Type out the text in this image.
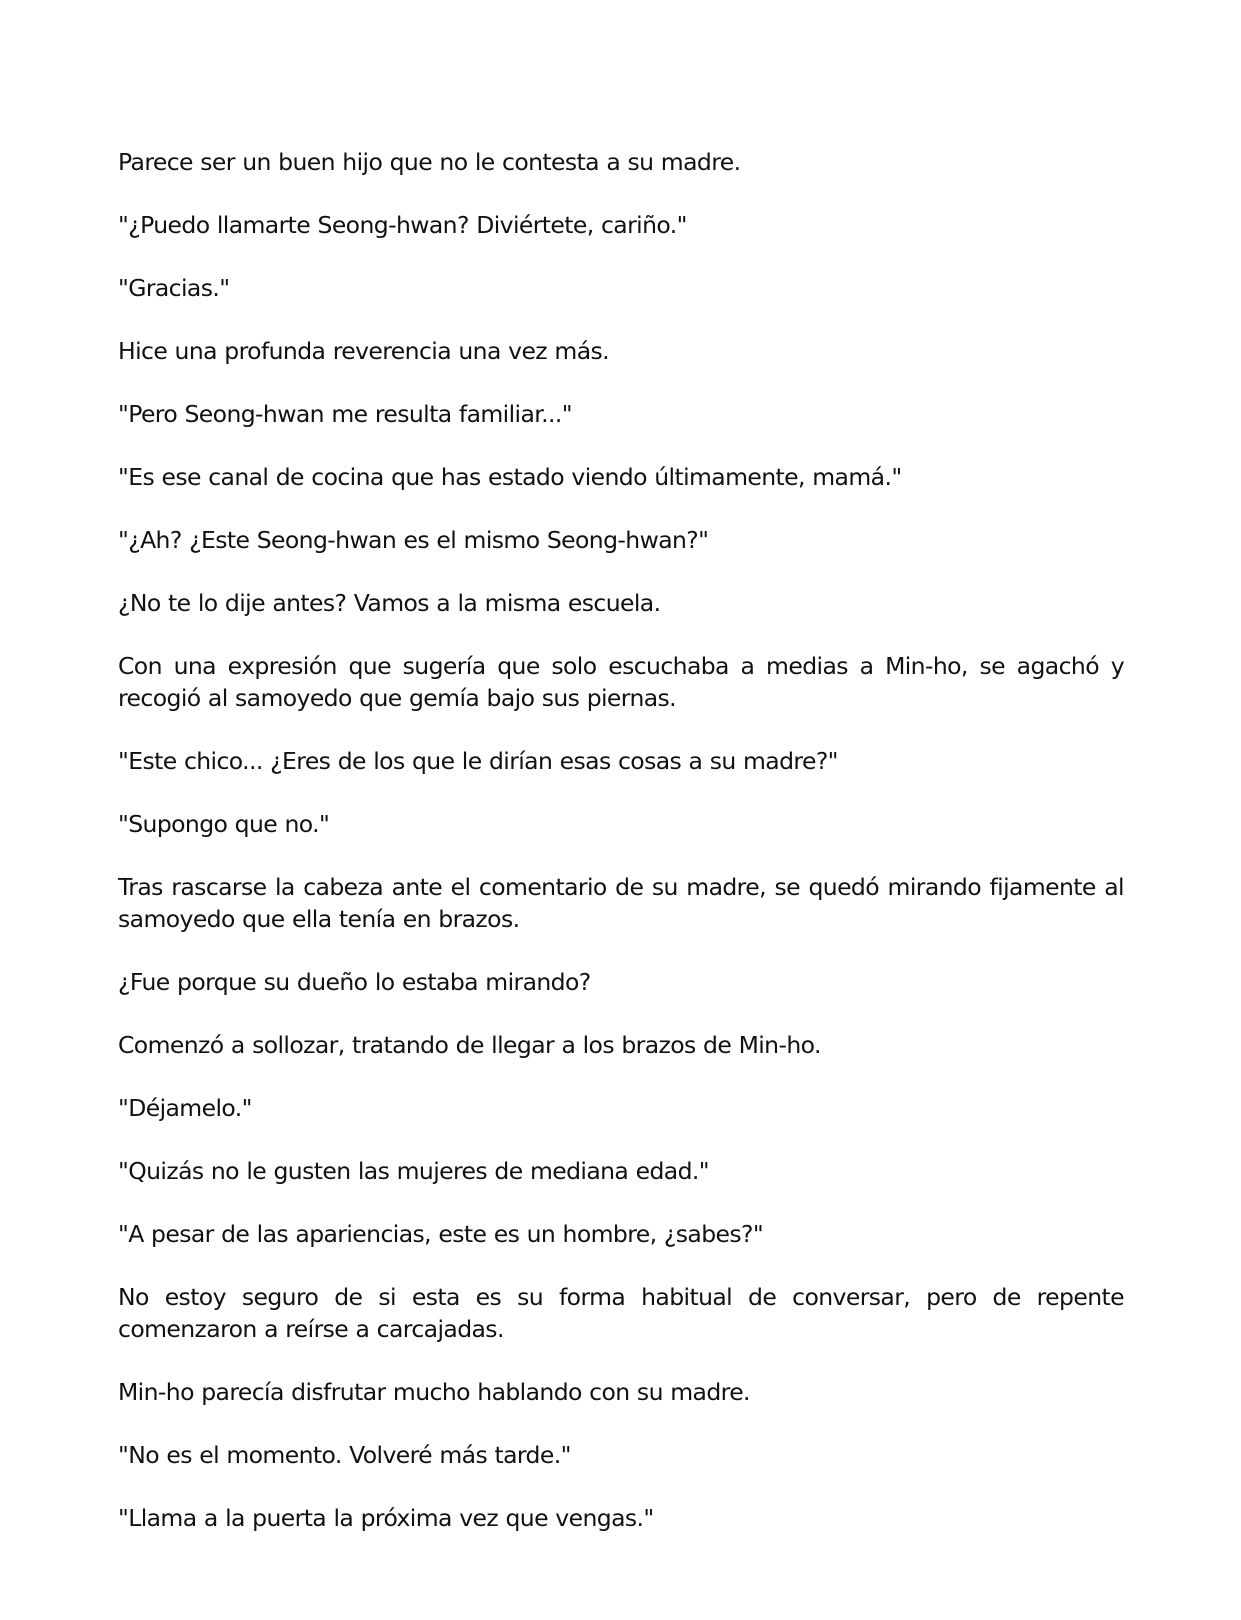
Parece ser un buen hijo que no le contesta a su madre.

"¿Puedo llamarte Seong-hwan? Diviértete, cariño."

"Gracias."

Hice una profunda reverencia una vez más.

"Pero Seong-hwan me resulta familiar..."

"Es ese canal de cocina que has estado viendo últimamente, mamá."

"¿Ah? ¿Este Seong-hwan es el mismo Seong-hwan?"

¿No te lo dije antes? Vamos a la misma escuela.

Con una expresión que sugería que solo escuchaba a medias a Min-ho, se agachó y recogió al samoyedo que gemía bajo sus piernas.

"Este chico... ¿Eres de los que le dirían esas cosas a su madre?"

"Supongo que no."

Tras rascarse la cabeza ante el comentario de su madre, se quedó mirando fijamente al samoyedo que ella tenía en brazos.

¿Fue porque su dueño lo estaba mirando?

Comenzó a sollozar, tratando de llegar a los brazos de Min-ho.

"Déjamelo."

"Quizás no le gusten las mujeres de mediana edad."

"A pesar de las apariencias, este es un hombre, ¿sabes?"

No estoy seguro de si esta es su forma habitual de conversar, pero de repente comenzaron a reírse a carcajadas.

Min-ho parecía disfrutar mucho hablando con su madre.

"No es el momento. Volveré más tarde."

"Llama a la puerta la próxima vez que vengas."
